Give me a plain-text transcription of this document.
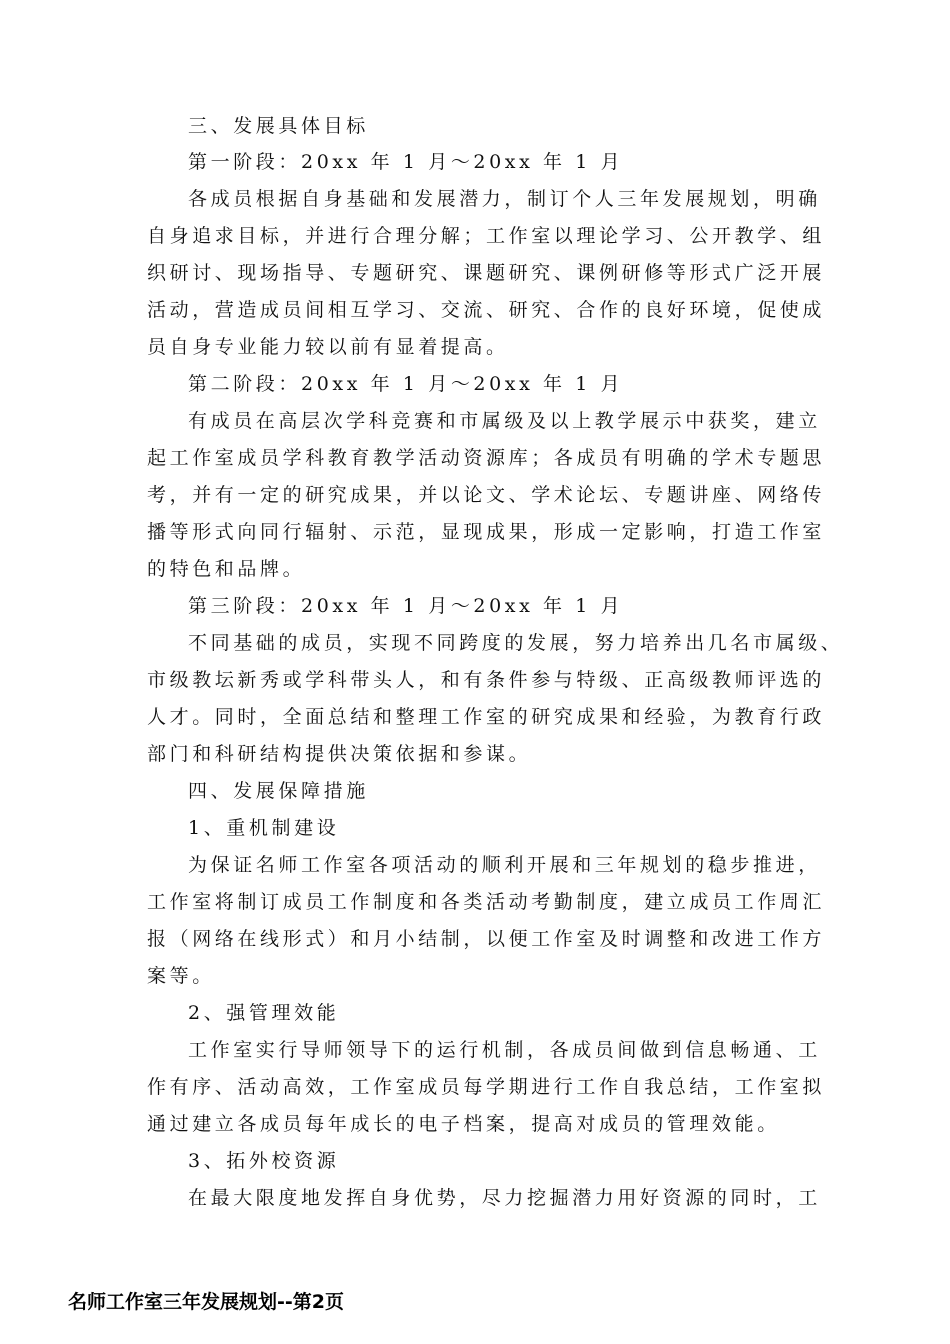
三、发展具体目标
第一阶段：20xx 年 1 月～20xx 年 1 月
各成员根据自身基础和发展潜力，制订个人三年发展规划，明确
自身追求目标，并进行合理分解；工作室以理论学习、公开教学、组
织研讨、现场指导、专题研究、课题研究、课例研修等形式广泛开展
活动，营造成员间相互学习、交流、研究、合作的良好环境，促使成
员自身专业能力较以前有显着提高。
第二阶段：20xx 年 1 月～20xx 年 1 月
有成员在高层次学科竞赛和市属级及以上教学展示中获奖，建立
起工作室成员学科教育教学活动资源库；各成员有明确的学术专题思
考，并有一定的研究成果，并以论文、学术论坛、专题讲座、网络传
播等形式向同行辐射、示范，显现成果，形成一定影响，打造工作室
的特色和品牌。
第三阶段：20xx 年 1 月～20xx 年 1 月
不同基础的成员，实现不同跨度的发展，努力培养出几名市属级、
市级教坛新秀或学科带头人，和有条件参与特级、正高级教师评选的
人才。同时，全面总结和整理工作室的研究成果和经验，为教育行政
部门和科研结构提供决策依据和参谋。
四、发展保障措施
1、重机制建设
为保证名师工作室各项活动的顺利开展和三年规划的稳步推进，
工作室将制订成员工作制度和各类活动考勤制度，建立成员工作周汇
报（网络在线形式）和月小结制，以便工作室及时调整和改进工作方
案等。
2、强管理效能
工作室实行导师领导下的运行机制，各成员间做到信息畅通、工
作有序、活动高效，工作室成员每学期进行工作自我总结，工作室拟
通过建立各成员每年成长的电子档案，提高对成员的管理效能。
3、拓外校资源
在最大限度地发挥自身优势，尽力挖掘潜力用好资源的同时，工
名师工作室三年发展规划--第2页
